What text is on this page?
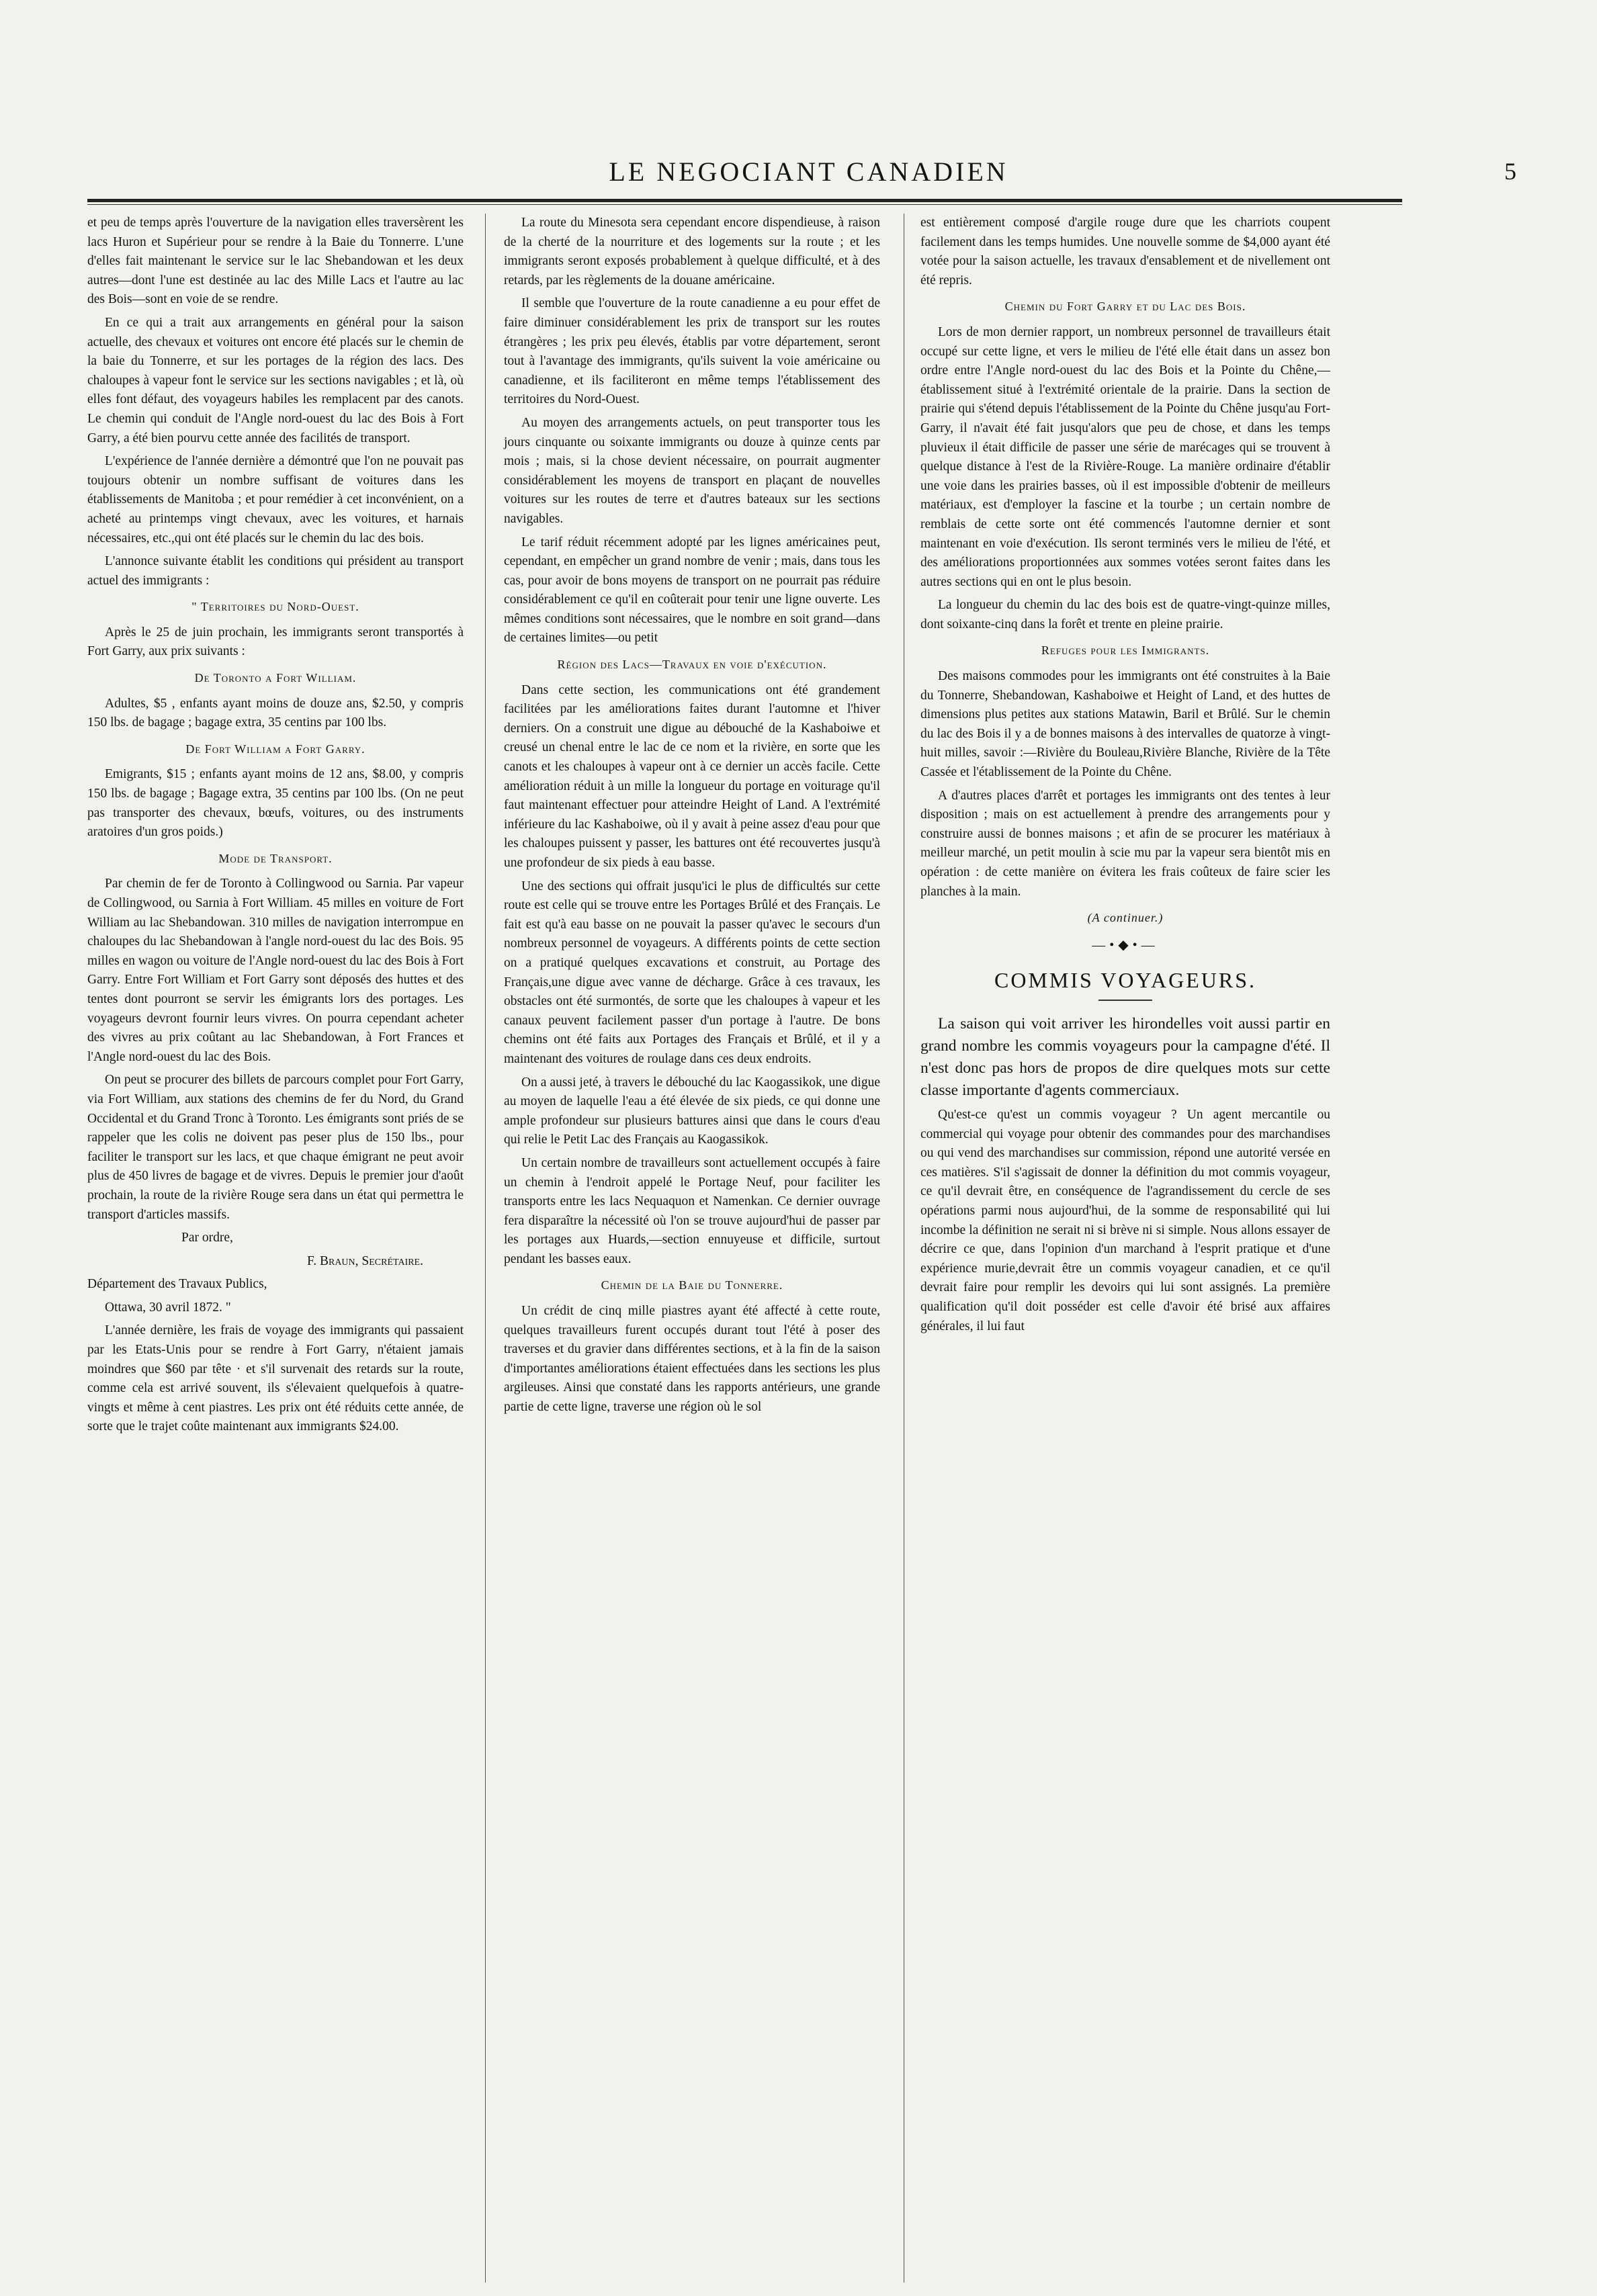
LE NEGOCIANT CANADIEN	5

et peu de temps après l'ouverture de la navigation elles traversèrent les lacs Huron et Supérieur pour se rendre à la Baie du Tonnerre. L'une d'elles fait maintenant le service sur le lac Shebandowan et les deux autres—dont l'une est destinée au lac des Mille Lacs et l'autre au lac des Bois—sont en voie de se rendre.

En ce qui a trait aux arrangements en général pour la saison actuelle, des chevaux et voitures ont encore été placés sur le chemin de la baie du Tonnerre, et sur les portages de la région des lacs. Des chaloupes à vapeur font le service sur les sections navigables ; et là, où elles font défaut, des voyageurs habiles les remplacent par des canots. Le chemin qui conduit de l'Angle nord-ouest du lac des Bois à Fort Garry, a été bien pourvu cette année des facilités de transport.

L'expérience de l'année dernière a démontré que l'on ne pouvait pas toujours obtenir un nombre suffisant de voitures dans les établissements de Manitoba ; et pour remédier à cet inconvénient, on a acheté au printemps vingt chevaux, avec les voitures, et harnais nécessaires, etc.,qui ont été placés sur le chemin du lac des bois.

L'annonce suivante établit les conditions qui président au transport actuel des immigrants :

" Territoires du Nord-Ouest.

Après le 25 de juin prochain, les immigrants seront transportés à Fort Garry, aux prix suivants :

De Toronto a Fort William.

Adultes, $5 , enfants ayant moins de douze ans, $2.50, y compris 150 lbs. de bagage ; bagage extra, 35 centins par 100 lbs.

De Fort William a Fort Garry.

Emigrants, $15 ; enfants ayant moins de 12 ans, $8.00, y compris 150 lbs. de bagage ; Bagage extra, 35 centins par 100 lbs. (On ne peut pas transporter des chevaux, bœufs, voitures, ou des instruments aratoires d'un gros poids.)

Mode de Transport.

Par chemin de fer de Toronto à Collingwood ou Sarnia. Par vapeur de Collingwood, ou Sarnia à Fort William. 45 milles en voiture de Fort William au lac Shebandowan. 310 milles de navigation interrompue en chaloupes du lac Shebandowan à l'angle nord-ouest du lac des Bois. 95 milles en wagon ou voiture de l'Angle nord-ouest du lac des Bois à Fort Garry. Entre Fort William et Fort Garry sont déposés des huttes et des tentes dont pourront se servir les émigrants lors des portages. Les voyageurs devront fournir leurs vivres. On pourra cependant acheter des vivres au prix coûtant au lac Shebandowan, à Fort Frances et l'Angle nord-ouest du lac des Bois.

On peut se procurer des billets de parcours complet pour Fort Garry, via Fort William, aux stations des chemins de fer du Nord, du Grand Occidental et du Grand Tronc à Toronto. Les émigrants sont priés de se rappeler que les colis ne doivent pas peser plus de 150 lbs., pour faciliter le transport sur les lacs, et que chaque émigrant ne peut avoir plus de 450 livres de bagage et de vivres. Depuis le premier jour d'août prochain, la route de la rivière Rouge sera dans un état qui permettra le transport d'articles massifs.

Par ordre,

F. Braun, Secrétaire.

Département des Travaux Publics,

Ottawa, 30 avril 1872. "

L'année dernière, les frais de voyage des immigrants qui passaient par les Etats-Unis pour se rendre à Fort Garry, n'étaient jamais moindres que $60 par tête · et s'il survenait des retards sur la route, comme cela est arrivé souvent, ils s'élevaient quelquefois à quatre-vingts et même à cent piastres. Les prix ont été réduits cette année, de sorte que le trajet coûte maintenant aux immigrants $24.00.

La route du Minesota sera cependant encore dispendieuse, à raison de la cherté de la nourriture et des logements sur la route ; et les immigrants seront exposés probablement à quelque difficulté, et à des retards, par les règlements de la douane américaine.

Il semble que l'ouverture de la route canadienne a eu pour effet de faire diminuer considérablement les prix de transport sur les routes étrangères ; les prix peu élevés, établis par votre département, seront tout à l'avantage des immigrants, qu'ils suivent la voie américaine ou canadienne, et ils faciliteront en même temps l'établissement des territoires du Nord-Ouest.

Au moyen des arrangements actuels, on peut transporter tous les jours cinquante ou soixante immigrants ou douze à quinze cents par mois ; mais, si la chose devient nécessaire, on pourrait augmenter considérablement les moyens de transport en plaçant de nouvelles voitures sur les routes de terre et d'autres bateaux sur les sections navigables.

Le tarif réduit récemment adopté par les lignes américaines peut, cependant, en empêcher un grand nombre de venir ; mais, dans tous les cas, pour avoir de bons moyens de transport on ne pourrait pas réduire considérablement ce qu'il en coûterait pour tenir une ligne ouverte. Les mêmes conditions sont nécessaires, que le nombre en soit grand—dans de certaines limites—ou petit

Région des Lacs—Travaux en voie d'exécution.

Dans cette section, les communications ont été grandement facilitées par les améliorations faites durant l'automne et l'hiver derniers. On a construit une digue au débouché de la Kashaboiwe et creusé un chenal entre le lac de ce nom et la rivière, en sorte que les canots et les chaloupes à vapeur ont à ce dernier un accès facile. Cette amélioration réduit à un mille la longueur du portage en voiturage qu'il faut maintenant effectuer pour atteindre Height of Land. A l'extrémité inférieure du lac Kashaboiwe, où il y avait à peine assez d'eau pour que les chaloupes puissent y passer, les battures ont été recouvertes jusqu'à une profondeur de six pieds à eau basse.

Une des sections qui offrait jusqu'ici le plus de difficultés sur cette route est celle qui se trouve entre les Portages Brûlé et des Français. Le fait est qu'à eau basse on ne pouvait la passer qu'avec le secours d'un nombreux personnel de voyageurs. A différents points de cette section on a pratiqué quelques excavations et construit, au Portage des Français,une digue avec vanne de décharge. Grâce à ces travaux, les obstacles ont été surmontés, de sorte que les chaloupes à vapeur et les canaux peuvent facilement passer d'un portage à l'autre. De bons chemins ont été faits aux Portages des Français et Brûlé, et il y a maintenant des voitures de roulage dans ces deux endroits.

On a aussi jeté, à travers le débouché du lac Kaogassikok, une digue au moyen de laquelle l'eau a été élevée de six pieds, ce qui donne une ample profondeur sur plusieurs battures ainsi que dans le cours d'eau qui relie le Petit Lac des Français au Kaogassikok.

Un certain nombre de travailleurs sont actuellement occupés à faire un chemin à l'endroit appelé le Portage Neuf, pour faciliter les transports entre les lacs Nequaquon et Namenkan. Ce dernier ouvrage fera disparaître la nécessité où l'on se trouve aujourd'hui de passer par les portages aux Huards,—section ennuyeuse et difficile, surtout pendant les basses eaux.

Chemin de la Baie du Tonnerre.

Un crédit de cinq mille piastres ayant été affecté à cette route, quelques travailleurs furent occupés durant tout l'été à poser des traverses et du gravier dans différentes sections, et à la fin de la saison d'importantes améliorations étaient effectuées dans les sections les plus argileuses. Ainsi que constaté dans les rapports antérieurs, une grande partie de cette ligne, traverse une région où le sol

est entièrement composé d'argile rouge dure que les charriots coupent facilement dans les temps humides. Une nouvelle somme de $4,000 ayant été votée pour la saison actuelle, les travaux d'ensablement et de nivellement ont été repris.

Chemin du Fort Garry et du Lac des Bois.

Lors de mon dernier rapport, un nombreux personnel de travailleurs était occupé sur cette ligne, et vers le milieu de l'été elle était dans un assez bon ordre entre l'Angle nord-ouest du lac des Bois et la Pointe du Chêne,—établissement situé à l'extrémité orientale de la prairie. Dans la section de prairie qui s'étend depuis l'établissement de la Pointe du Chêne jusqu'au Fort-Garry, il n'avait été fait jusqu'alors que peu de chose, et dans les temps pluvieux il était difficile de passer une série de marécages qui se trouvent à quelque distance à l'est de la Rivière-Rouge. La manière ordinaire d'établir une voie dans les prairies basses, où il est impossible d'obtenir de meilleurs matériaux, est d'employer la fascine et la tourbe ; un certain nombre de remblais de cette sorte ont été commencés l'automne dernier et sont maintenant en voie d'exécution. Ils seront terminés vers le milieu de l'été, et des améliorations proportionnées aux sommes votées seront faites dans les autres sections qui en ont le plus besoin.

La longueur du chemin du lac des bois est de quatre-vingt-quinze milles, dont soixante-cinq dans la forêt et trente en pleine prairie.

Refuges pour les Immigrants.

Des maisons commodes pour les immigrants ont été construites à la Baie du Tonnerre, Shebandowan, Kashaboiwe et Height of Land, et des huttes de dimensions plus petites aux stations Matawin, Baril et Brûlé. Sur le chemin du lac des Bois il y a de bonnes maisons à des intervalles de quatorze à vingt-huit milles, savoir :—Rivière du Bouleau,Rivière Blanche, Rivière de la Tête Cassée et l'établissement de la Pointe du Chêne.

A d'autres places d'arrêt et portages les immigrants ont des tentes à leur disposition ; mais on est actuellement à prendre des arrangements pour y construire aussi de bonnes maisons ; et afin de se procurer les matériaux à meilleur marché, un petit moulin à scie mu par la vapeur sera bientôt mis en opération : de cette manière on évitera les frais coûteux de faire scier les planches à la main.

(A continuer.)

—•◆•—
COMMIS VOYAGEURS.

La saison qui voit arriver les hirondelles voit aussi partir en grand nombre les commis voyageurs pour la campagne d'été. Il n'est donc pas hors de propos de dire quelques mots sur cette classe importante d'agents commerciaux.

Qu'est-ce qu'est un commis voyageur ? Un agent mercantile ou commercial qui voyage pour obtenir des commandes pour des marchandises ou qui vend des marchandises sur commission, répond une autorité versée en ces matières. S'il s'agissait de donner la définition du mot commis voyageur, ce qu'il devrait être, en conséquence de l'agrandissement du cercle de ses opérations parmi nous aujourd'hui, de la somme de responsabilité qui lui incombe la définition ne serait ni si brève ni si simple. Nous allons essayer de décrire ce que, dans l'opinion d'un marchand à l'esprit pratique et d'une expérience murie,devrait être un commis voyageur canadien, et ce qu'il devrait faire pour remplir les devoirs qui lui sont assignés. La première qualification qu'il doit posséder est celle d'avoir été brisé aux affaires générales, il lui faut
